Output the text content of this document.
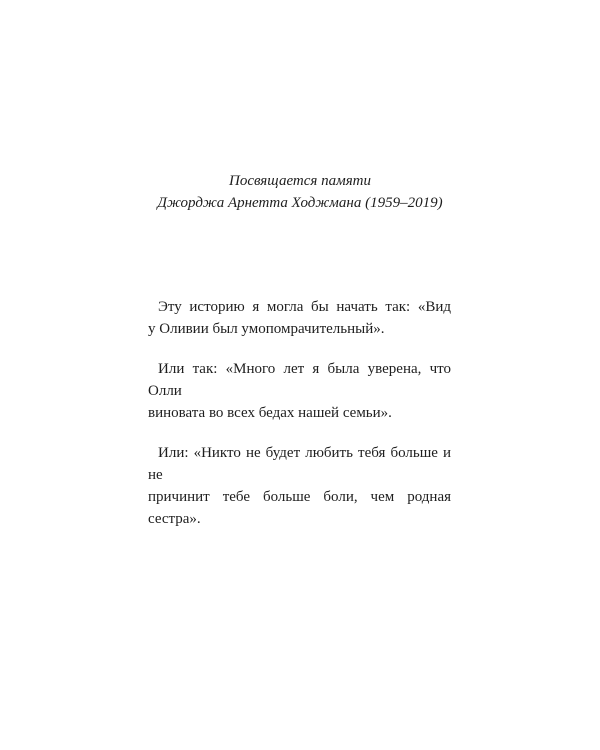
Посвящается памяти
Джорджа Арнетта Ходжмана (1959–2019)

Эту историю я могла бы начать так: «Вид
у Оливии был умопомрачительный».

Или так: «Много лет я была уверена, что Олли
виновата во всех бедах нашей семьи».

Или: «Никто не будет любить тебя больше и не
причинит тебе больше боли, чем родная сестра».
